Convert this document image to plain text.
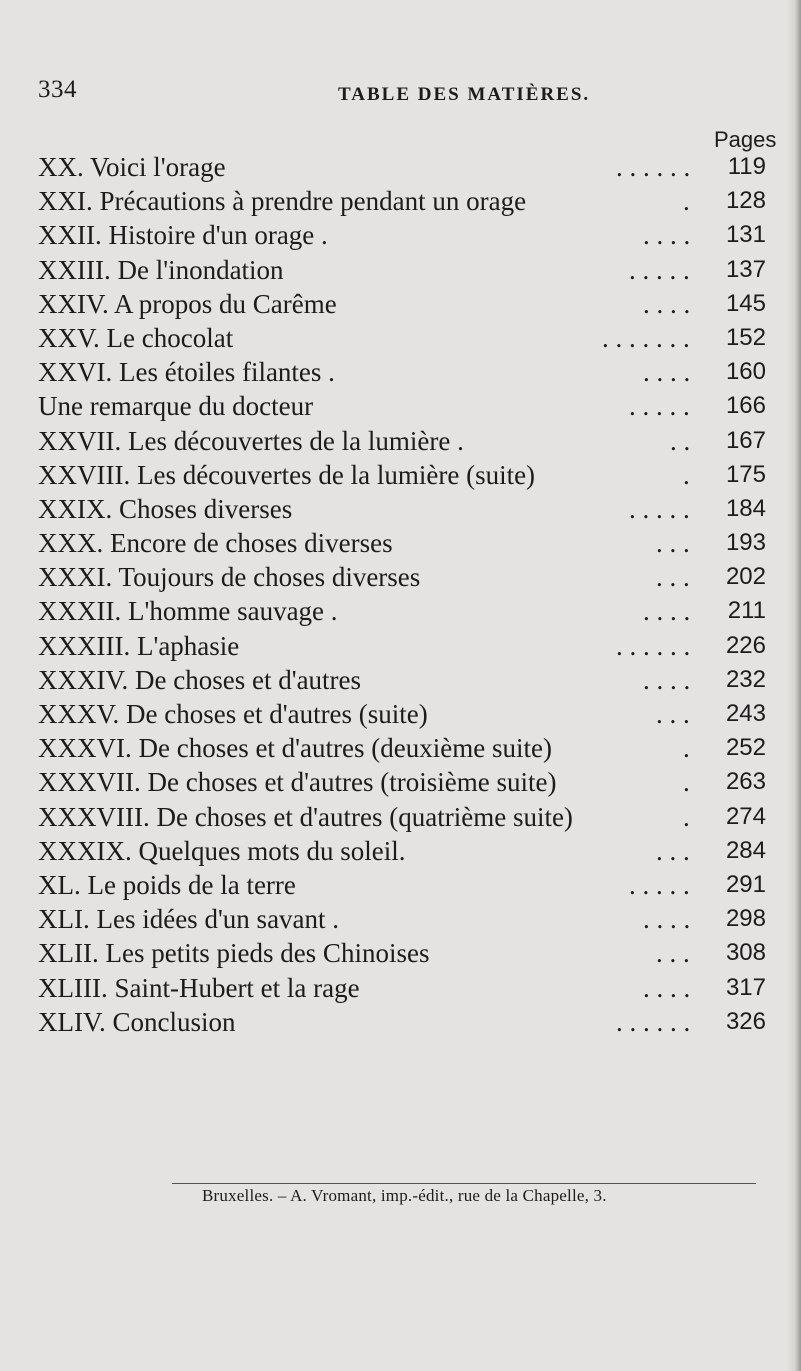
334	TABLE DES MATIÈRES.
Pages
XX. Voici l'orage	. . . . . . 119
XXI. Précautions à prendre pendant un orage	. 128
XXII. Histoire d'un orage .	. . . . 131
XXIII. De l'inondation	. . . . . 137
XXIV. A propos du Carême	. . . . 145
XXV. Le chocolat	. . . . . . . 152
XXVI. Les étoiles filantes .	. . . . 160
Une remarque du docteur	. . . . . 166
XXVII. Les découvertes de la lumière .	. . 167
XXVIII. Les découvertes de la lumière (suite)	. 175
XXIX. Choses diverses	. . . . . 184
XXX. Encore de choses diverses	. . . 193
XXXI. Toujours de choses diverses	. . . 202
XXXII. L'homme sauvage .	. . . . 211
XXXIII. L'aphasie	. . . . . . 226
XXXIV. De choses et d'autres	. . . . 232
XXXV. De choses et d'autres (suite)	. . . 243
XXXVI. De choses et d'autres (deuxième suite)	. 252
XXXVII. De choses et d'autres (troisième suite)	. 263
XXXVIII. De choses et d'autres (quatrième suite)	. 274
XXXIX. Quelques mots du soleil.	. . . 284
XL. Le poids de la terre	. . . . . 291
XLI. Les idées d'un savant .	. . . . 298
XLII. Les petits pieds des Chinoises	. . . 308
XLIII. Saint-Hubert et la rage	. . . . 317
XLIV. Conclusion	. . . . . . 326
Bruxelles. – A. Vromant, imp.-édit., rue de la Chapelle, 3.
